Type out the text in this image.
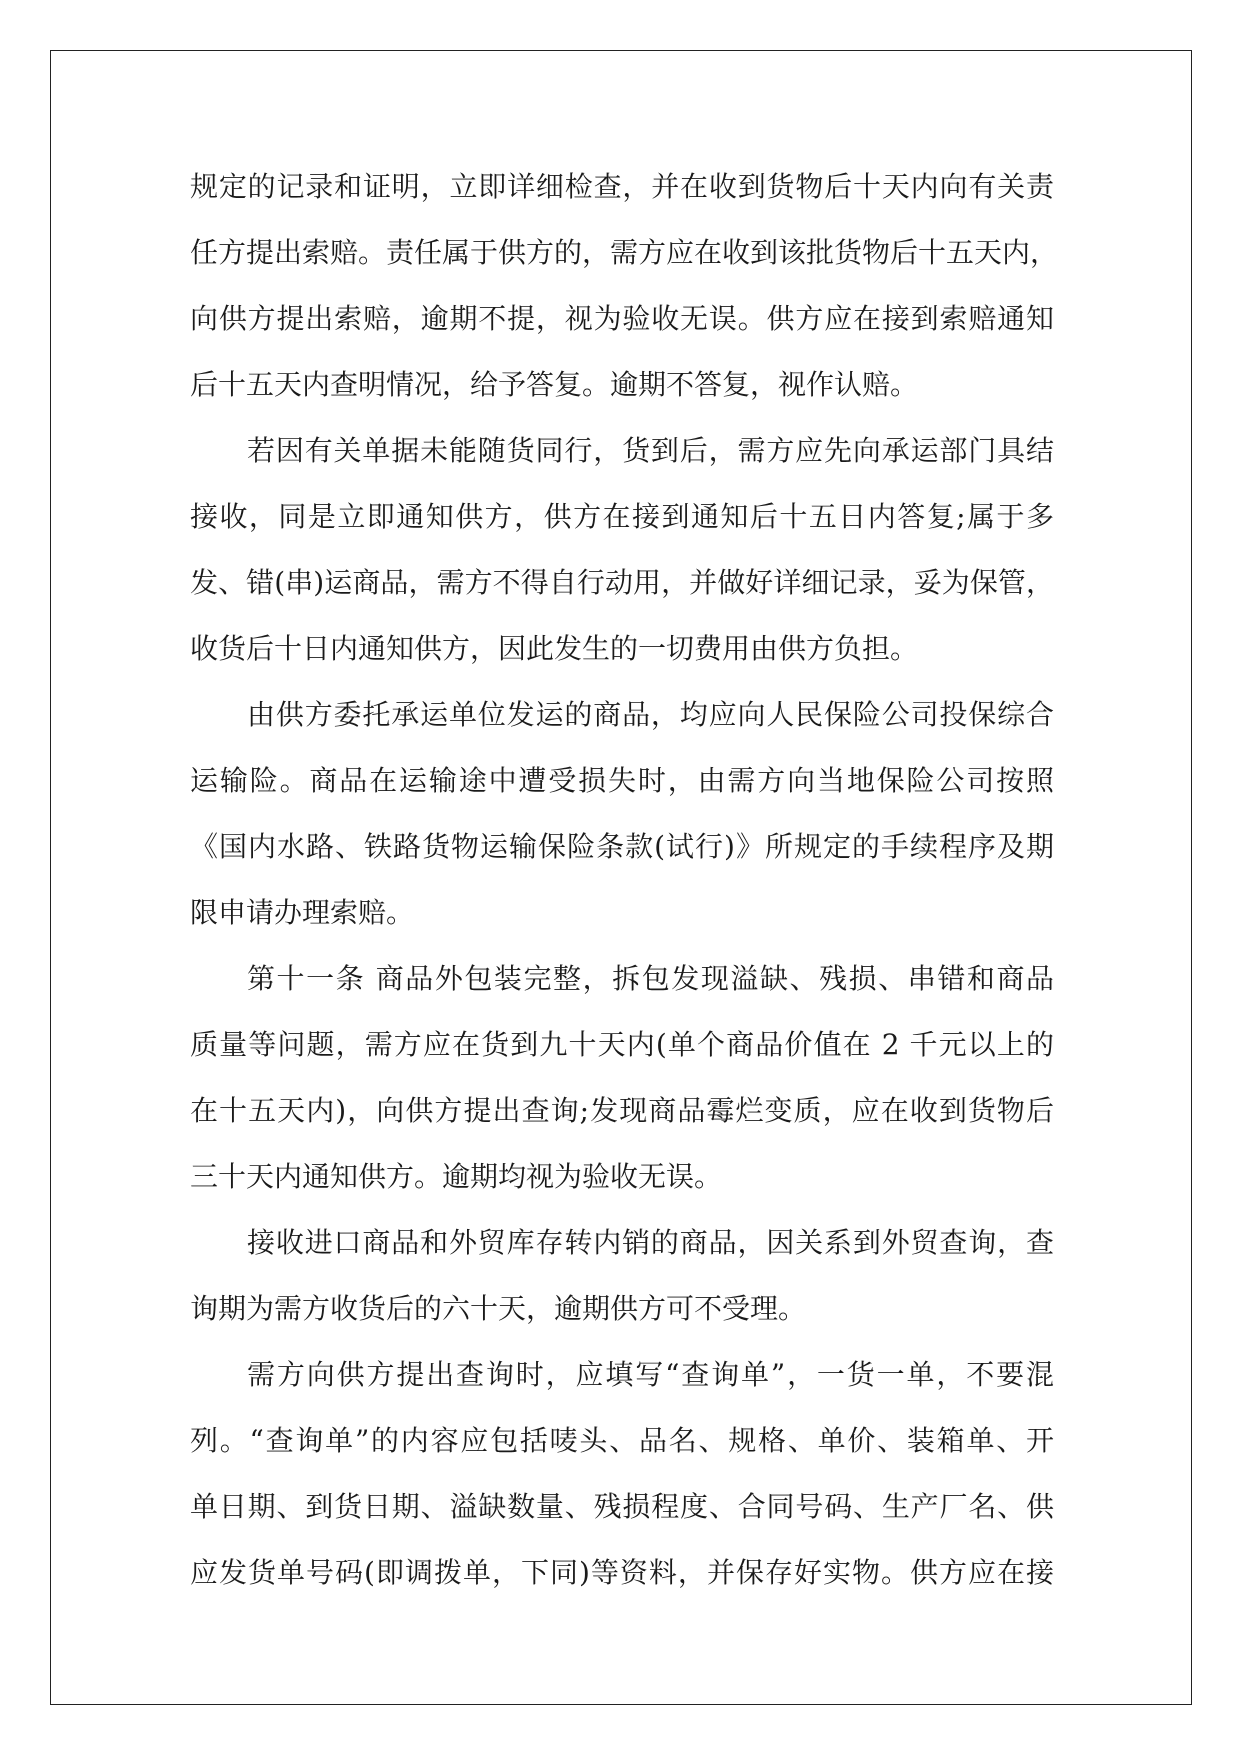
规定的记录和证明，立即详细检查，并在收到货物后十天内向有关责
任方提出索赔。责任属于供方的，需方应在收到该批货物后十五天内，
向供方提出索赔，逾期不提，视为验收无误。供方应在接到索赔通知
后十五天内查明情况，给予答复。逾期不答复，视作认赔。
若因有关单据未能随货同行，货到后，需方应先向承运部门具结
接收，同是立即通知供方，供方在接到通知后十五日内答复;属于多
发、错(串)运商品，需方不得自行动用，并做好详细记录，妥为保管，
收货后十日内通知供方，因此发生的一切费用由供方负担。
由供方委托承运单位发运的商品，均应向人民保险公司投保综合
运输险。商品在运输途中遭受损失时，由需方向当地保险公司按照
《国内水路、铁路货物运输保险条款(试行)》所规定的手续程序及期
限申请办理索赔。
第十一条 商品外包装完整，拆包发现溢缺、残损、串错和商品
质量等问题，需方应在货到九十天内(单个商品价值在 2 千元以上的
在十五天内)，向供方提出查询;发现商品霉烂变质，应在收到货物后
三十天内通知供方。逾期均视为验收无误。
接收进口商品和外贸库存转内销的商品，因关系到外贸查询，查
询期为需方收货后的六十天，逾期供方可不受理。
需方向供方提出查询时，应填写“查询单”，一货一单，不要混
列。“查询单”的内容应包括唛头、品名、规格、单价、装箱单、开
单日期、到货日期、溢缺数量、残损程度、合同号码、生产厂名、供
应发货单号码(即调拨单，下同)等资料，并保存好实物。供方应在接
